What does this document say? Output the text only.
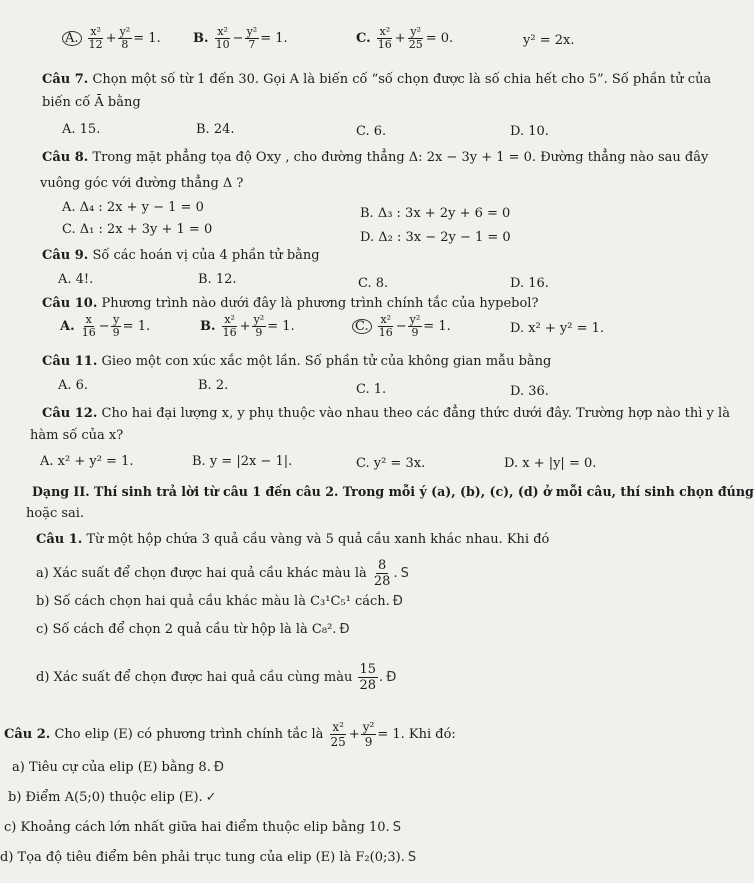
A. $\frac{\text{x²}}{12} + \frac{\text{y²}}{8} = 1$. B. $\frac{\text{x²}}{10} - \frac{\text{y²}}{7} = 1$.	C. $\frac{\text{x²}}{16} + \frac{\text{y²}}{25} = 0$.	y² = 2x.
Câu 7. Chọn một số từ 1 đến 30. Gọi A là biến cố “số chọn được là số chia hết cho 5”. Số phần tử của
biến cố Ā bằng
A. 15.	B. 24.	C. 6.	D. 10.
Câu 8. Trong mặt phẳng tọa độ Oxy , cho đường thẳng Δ: 2x − 3y + 1 = 0. Đường thẳng nào sau đây
vuông góc với đường thẳng Δ ?
A. Δ₄ : 2x + y − 1 = 0	B. Δ₃ : 3x + 2y + 6 = 0
C. Δ₁ : 2x + 3y + 1 = 0
D. Δ₂ : 3x − 2y − 1 = 0
Câu 9. Số các hoán vị của 4 phần tử bằng
A. 4!.	B. 12.	C. 8.	D. 16.
Câu 10. Phương trình nào dưới đây là phương trình chính tắc của hypebol?
A. $\frac{x}{16} - \frac{y}{9} = 1$.	B. $\frac{\text{x²}}{16} + \frac{\text{y²}}{9} = 1$.	C. $\frac{\text{x²}}{16} - \frac{\text{y²}}{9} = 1$.	D. x² + y² = 1.
Câu 11. Gieo một con xúc xắc một lần. Số phần tử của không gian mẫu bằng
A. 6.	B. 2.	C. 1.	D. 36.
Câu 12. Cho hai đại lượng x, y phụ thuộc vào nhau theo các đẳng thức dưới đây. Trường hợp nào thì y là
hàm số của x?
A. x² + y² = 1.	B. y = |2x − 1|.	C. y² = 3x.	D. x + |y| = 0.
Dạng II. Thí sinh trả lời từ câu 1 đến câu 2. Trong mỗi ý (a), (b), (c), (d) ở mỗi câu, thí sinh chọn đúng
hoặc sai.
Câu 1. Từ một hộp chứa 3 quả cầu vàng và 5 quả cầu xanh khác nhau. Khi đó
a) Xác suất để chọn được hai quả cầu khác màu là $\frac{8}{28}$ . S
b) Số cách chọn hai quả cầu khác màu là C₃¹C₅¹ cách. Đ
c) Số cách để chọn 2 quả cầu từ hộp là là C₈². Đ
d) Xác suất để chọn được hai quả cầu cùng màu $\frac{15}{28}$ . Đ
Câu 2. Cho elip (E) có phương trình chính tắc là $\frac{\text{x²}}{25} + \frac{\text{y²}}{9} = 1$. Khi đó:
a) Tiêu cự của elip (E) bằng 8. Đ
b) Điểm A(5;0) thuộc elip (E). ✓
c) Khoảng cách lớn nhất giữa hai điểm thuộc elip bằng 10. S
d) Tọa độ tiêu điểm bên phải trục tung của elip (E) là F₂(0;3). S
